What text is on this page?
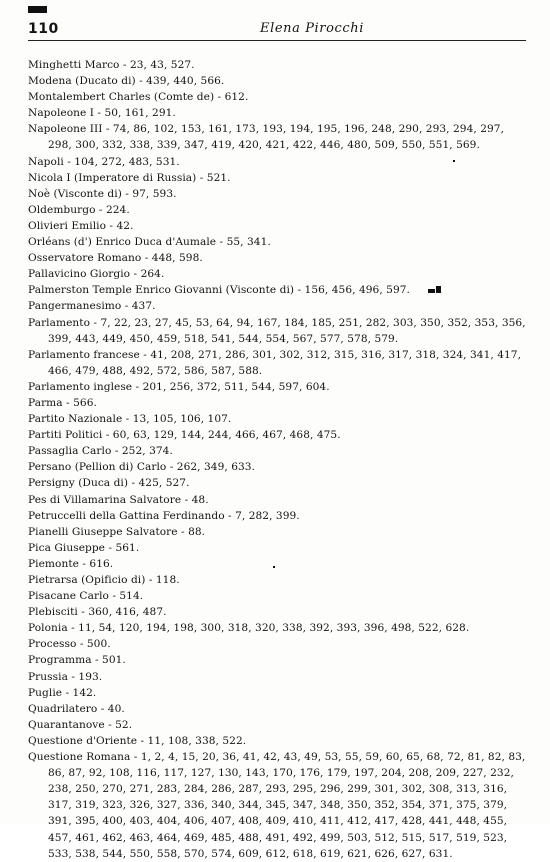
110	Elena Pirocchi

Minghetti Marco - 23, 43, 527.

Modena (Ducato di) - 439, 440, 566.

Montalembert Charles (Comte de) - 612.

Napoleone I - 50, 161, 291.

Napoleone III - 74, 86, 102, 153, 161, 173, 193, 194, 195, 196, 248, 290, 293, 294, 297, 298, 300, 332, 338, 339, 347, 419, 420, 421, 422, 446, 480, 509, 550, 551, 569.

Napoli - 104, 272, 483, 531.

Nicola I (Imperatore di Russia) - 521.

Noè (Visconte di) - 97, 593.

Oldemburgo - 224.

Olivieri Emilio - 42.

Orléans (d') Enrico Duca d'Aumale - 55, 341.

Osservatore Romano - 448, 598.

Pallavicino Giorgio - 264.

Palmerston Temple Enrico Giovanni (Visconte di) - 156, 456, 496, 597.

Pangermanesimo - 437.

Parlamento - 7, 22, 23, 27, 45, 53, 64, 94, 167, 184, 185, 251, 282, 303, 350, 352, 353, 356, 399, 443, 449, 450, 459, 518, 541, 544, 554, 567, 577, 578, 579.

Parlamento francese - 41, 208, 271, 286, 301, 302, 312, 315, 316, 317, 318, 324, 341, 417, 466, 479, 488, 492, 572, 586, 587, 588.

Parlamento inglese - 201, 256, 372, 511, 544, 597, 604.

Parma - 566.

Partito Nazionale - 13, 105, 106, 107.

Partiti Politici - 60, 63, 129, 144, 244, 466, 467, 468, 475.

Passaglia Carlo - 252, 374.

Persano (Pellion di) Carlo - 262, 349, 633.

Persigny (Duca di) - 425, 527.

Pes di Villamarina Salvatore - 48.

Petruccelli della Gattina Ferdinando - 7, 282, 399.

Pianelli Giuseppe Salvatore - 88.

Pica Giuseppe - 561.

Piemonte - 616.

Pietrarsa (Opificio di) - 118.

Pisacane Carlo - 514.

Plebisciti - 360, 416, 487.

Polonia - 11, 54, 120, 194, 198, 300, 318, 320, 338, 392, 393, 396, 498, 522, 628.

Processo - 500.

Programma - 501.

Prussia - 193.

Puglie - 142.

Quadrilatero - 40.

Quarantanove - 52.

Questione d'Oriente - 11, 108, 338, 522.

Questione Romana - 1, 2, 4, 15, 20, 36, 41, 42, 43, 49, 53, 55, 59, 60, 65, 68, 72, 81, 82, 83, 86, 87, 92, 108, 116, 117, 127, 130, 143, 170, 176, 179, 197, 204, 208, 209, 227, 232, 238, 250, 270, 271, 283, 284, 286, 287, 293, 295, 296, 299, 301, 302, 308, 313, 316, 317, 319, 323, 326, 327, 336, 340, 344, 345, 347, 348, 350, 352, 354, 371, 375, 379, 391, 395, 400, 403, 404, 406, 407, 408, 409, 410, 411, 412, 417, 428, 441, 448, 455, 457, 461, 462, 463, 464, 469, 485, 488, 491, 492, 499, 503, 512, 515, 517, 519, 523, 533, 538, 544, 550, 558, 570, 574, 609, 612, 618, 619, 621, 626, 627, 631.
